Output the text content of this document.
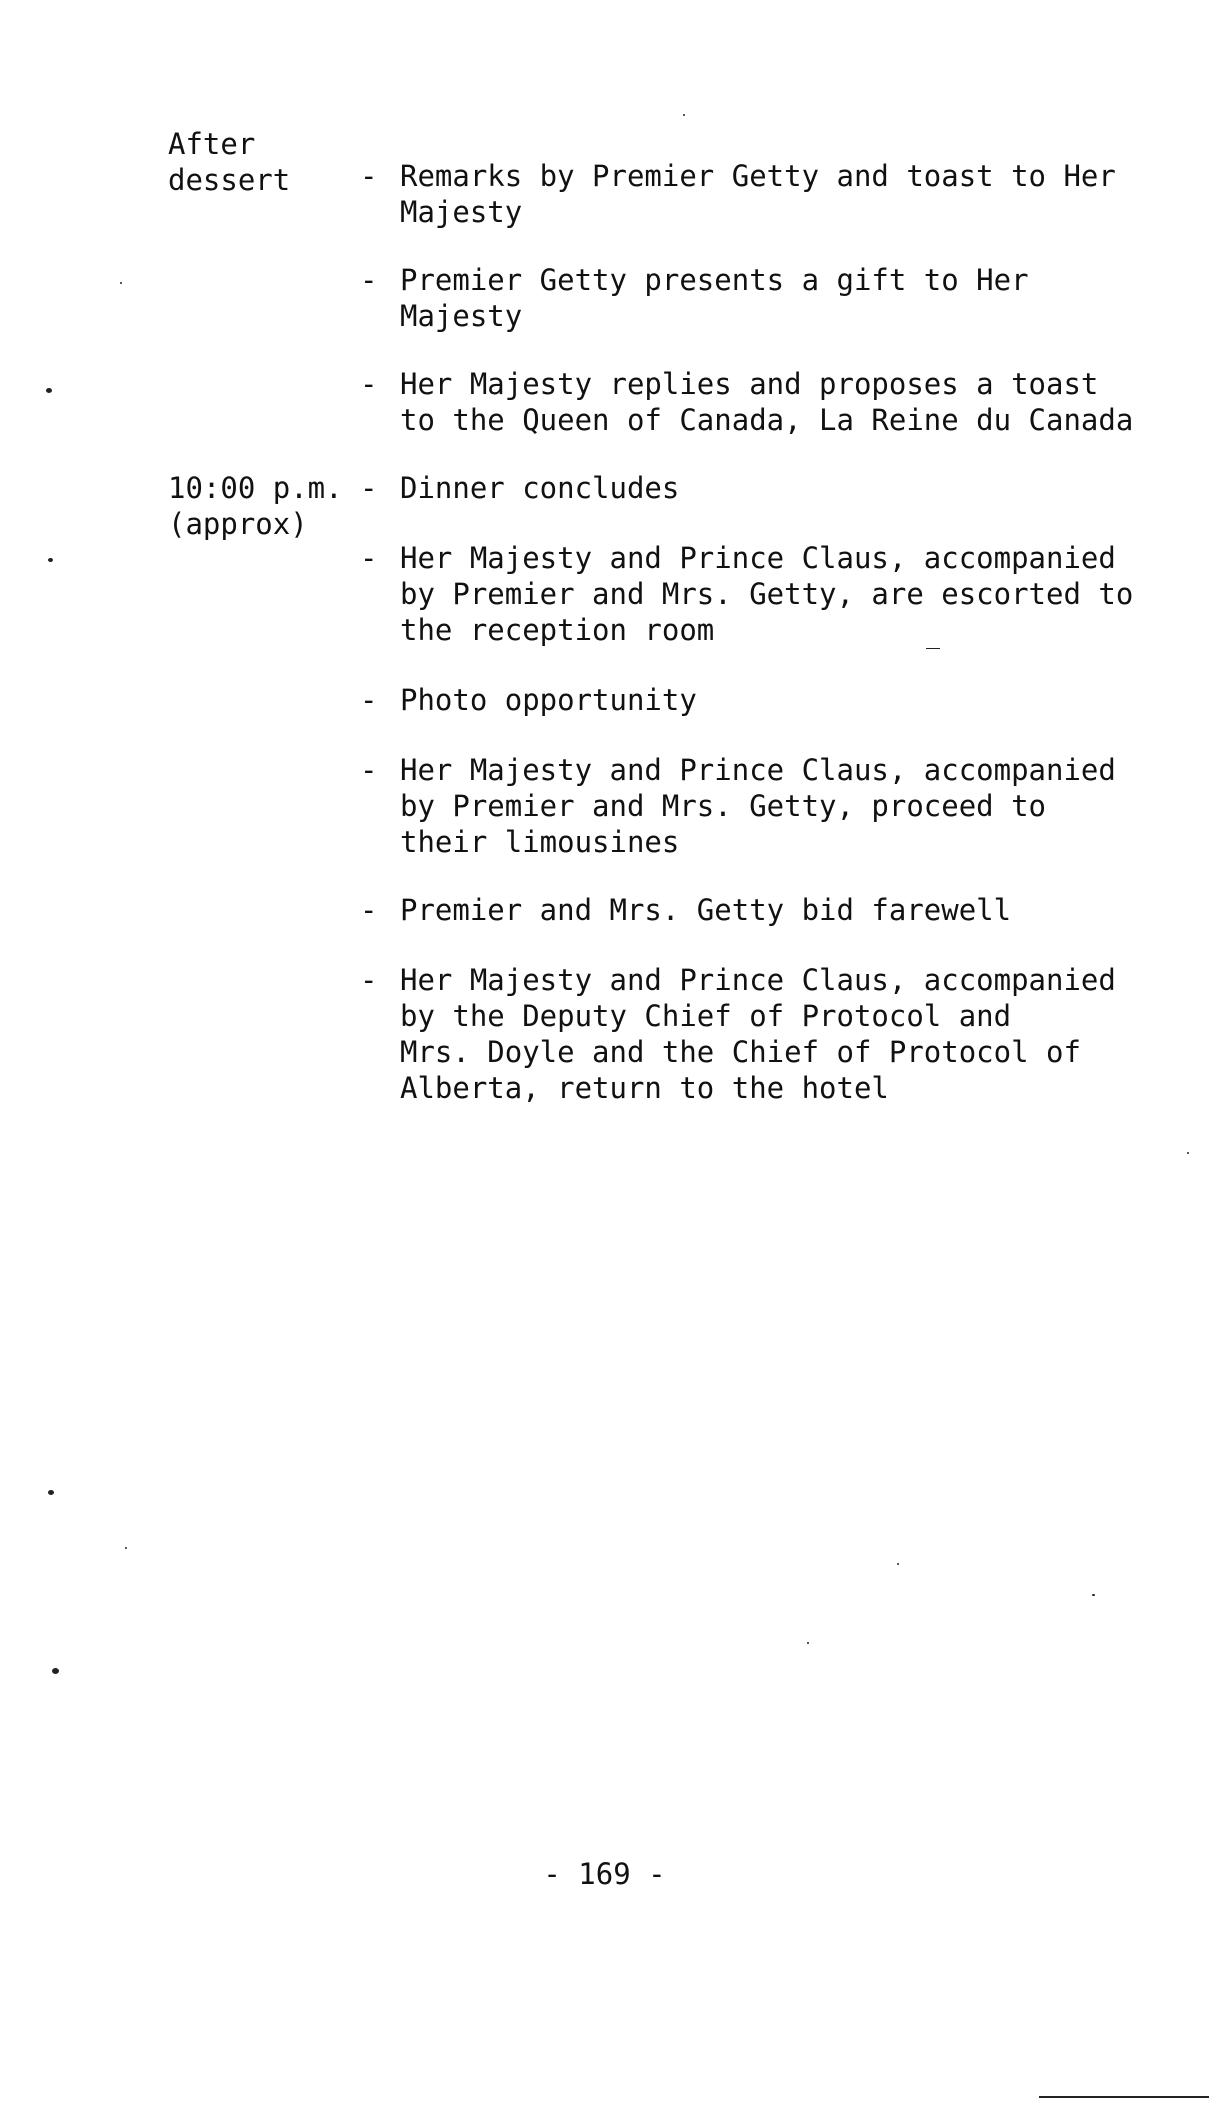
After
dessert
10:00 p.m.
(approx)
- Remarks by Premier Getty and toast to Her
Majesty
- Premier Getty presents a gift to Her
Majesty
- Her Majesty replies and proposes a toast
to the Queen of Canada, La Reine du Canada
- Dinner concludes
- Her Majesty and Prince Claus, accompanied
by Premier and Mrs. Getty, are escorted to
the reception room
- Photo opportunity
- Her Majesty and Prince Claus, accompanied
by Premier and Mrs. Getty, proceed to
their limousines
- Premier and Mrs. Getty bid farewell
- Her Majesty and Prince Claus, accompanied
by the Deputy Chief of Protocol and
Mrs. Doyle and the Chief of Protocol of
Alberta, return to the hotel
- 169 -
